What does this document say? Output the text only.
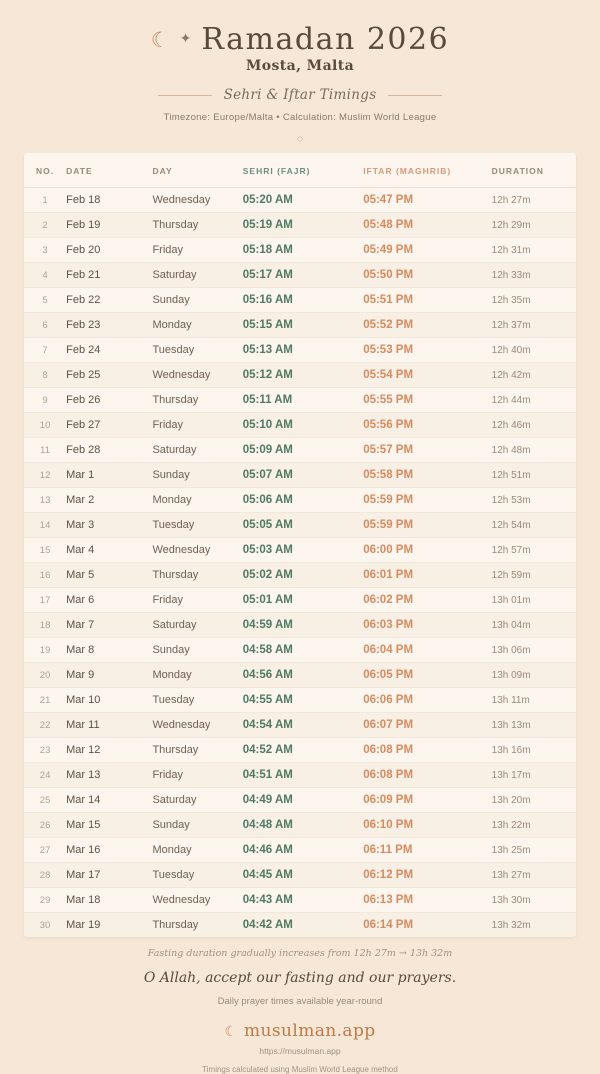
☾ ✦ Ramadan 2026
Mosta, Malta
Sehri & Iftar Timings
Timezone: Europe/Malta • Calculation: Muslim World League
◇
NO.	DATE	DAY	SEHRI (FAJR)	IFTAR (MAGHRIB)	DURATION
1	Feb 18	Wednesday	05:20 AM	05:47 PM	12h 27m
2	Feb 19	Thursday	05:19 AM	05:48 PM	12h 29m
3	Feb 20	Friday	05:18 AM	05:49 PM	12h 31m
4	Feb 21	Saturday	05:17 AM	05:50 PM	12h 33m
5	Feb 22	Sunday	05:16 AM	05:51 PM	12h 35m
6	Feb 23	Monday	05:15 AM	05:52 PM	12h 37m
7	Feb 24	Tuesday	05:13 AM	05:53 PM	12h 40m
8	Feb 25	Wednesday	05:12 AM	05:54 PM	12h 42m
9	Feb 26	Thursday	05:11 AM	05:55 PM	12h 44m
10	Feb 27	Friday	05:10 AM	05:56 PM	12h 46m
11	Feb 28	Saturday	05:09 AM	05:57 PM	12h 48m
12	Mar 1	Sunday	05:07 AM	05:58 PM	12h 51m
13	Mar 2	Monday	05:06 AM	05:59 PM	12h 53m
14	Mar 3	Tuesday	05:05 AM	05:59 PM	12h 54m
15	Mar 4	Wednesday	05:03 AM	06:00 PM	12h 57m
16	Mar 5	Thursday	05:02 AM	06:01 PM	12h 59m
17	Mar 6	Friday	05:01 AM	06:02 PM	13h 01m
18	Mar 7	Saturday	04:59 AM	06:03 PM	13h 04m
19	Mar 8	Sunday	04:58 AM	06:04 PM	13h 06m
20	Mar 9	Monday	04:56 AM	06:05 PM	13h 09m
21	Mar 10	Tuesday	04:55 AM	06:06 PM	13h 11m
22	Mar 11	Wednesday	04:54 AM	06:07 PM	13h 13m
23	Mar 12	Thursday	04:52 AM	06:08 PM	13h 16m
24	Mar 13	Friday	04:51 AM	06:08 PM	13h 17m
25	Mar 14	Saturday	04:49 AM	06:09 PM	13h 20m
26	Mar 15	Sunday	04:48 AM	06:10 PM	13h 22m
27	Mar 16	Monday	04:46 AM	06:11 PM	13h 25m
28	Mar 17	Tuesday	04:45 AM	06:12 PM	13h 27m
29	Mar 18	Wednesday	04:43 AM	06:13 PM	13h 30m
30	Mar 19	Thursday	04:42 AM	06:14 PM	13h 32m
Fasting duration gradually increases from 12h 27m → 13h 32m
O Allah, accept our fasting and our prayers.
Daily prayer times available year-round
☾ musulman.app
https://musulman.app
Timings calculated using Muslim World League method
